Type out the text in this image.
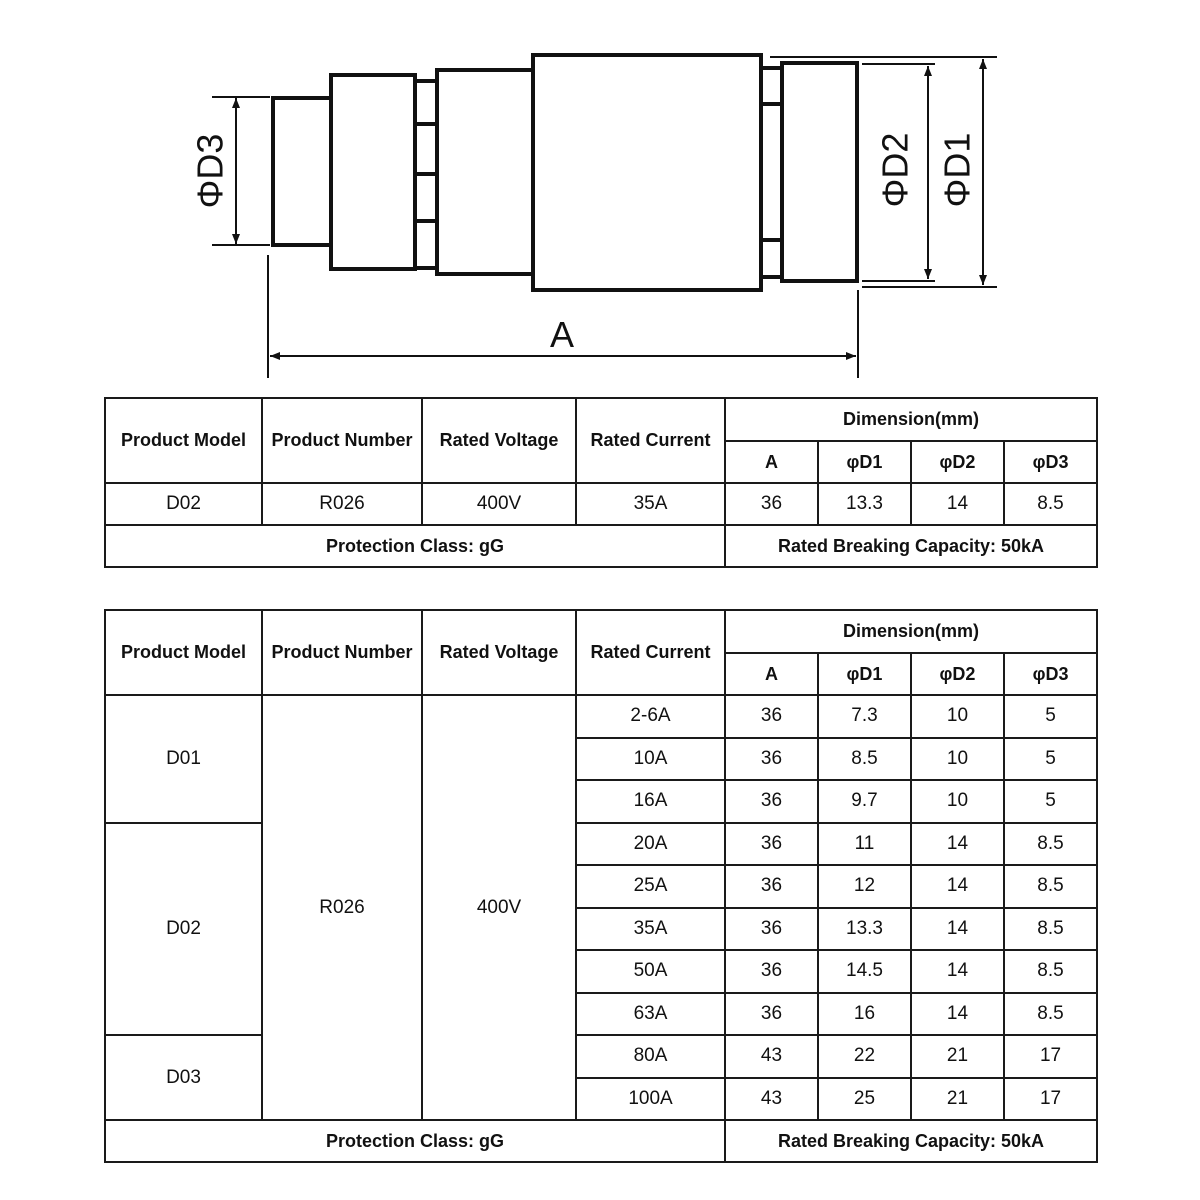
ΦD3	ΦD2 ΦD1
A
Product Model	Product Number	Rated Voltage	Rated Current	Dimension(mm)			
				A	φD1	φD2	φD3
D02	R026	400V	35A	36	13.3	14	8.5
Protection Class: gG				Rated Breaking Capacity: 50kA			
Product Model	Product Number	Rated Voltage	Rated Current	Dimension(mm)			
				A	φD1	φD2	φD3
D01	R026	400V	2-6A	36	7.3	10	5
			10A	36	8.5	10	5
			16A	36	9.7	10	5
D02			20A	36	11	14	8.5
			25A	36	12	14	8.5
			35A	36	13.3	14	8.5
			50A	36	14.5	14	8.5
			63A	36	16	14	8.5
D03			80A	43	22	21	17
			100A	43	25	21	17
Protection Class: gG				Rated Breaking Capacity: 50kA			
